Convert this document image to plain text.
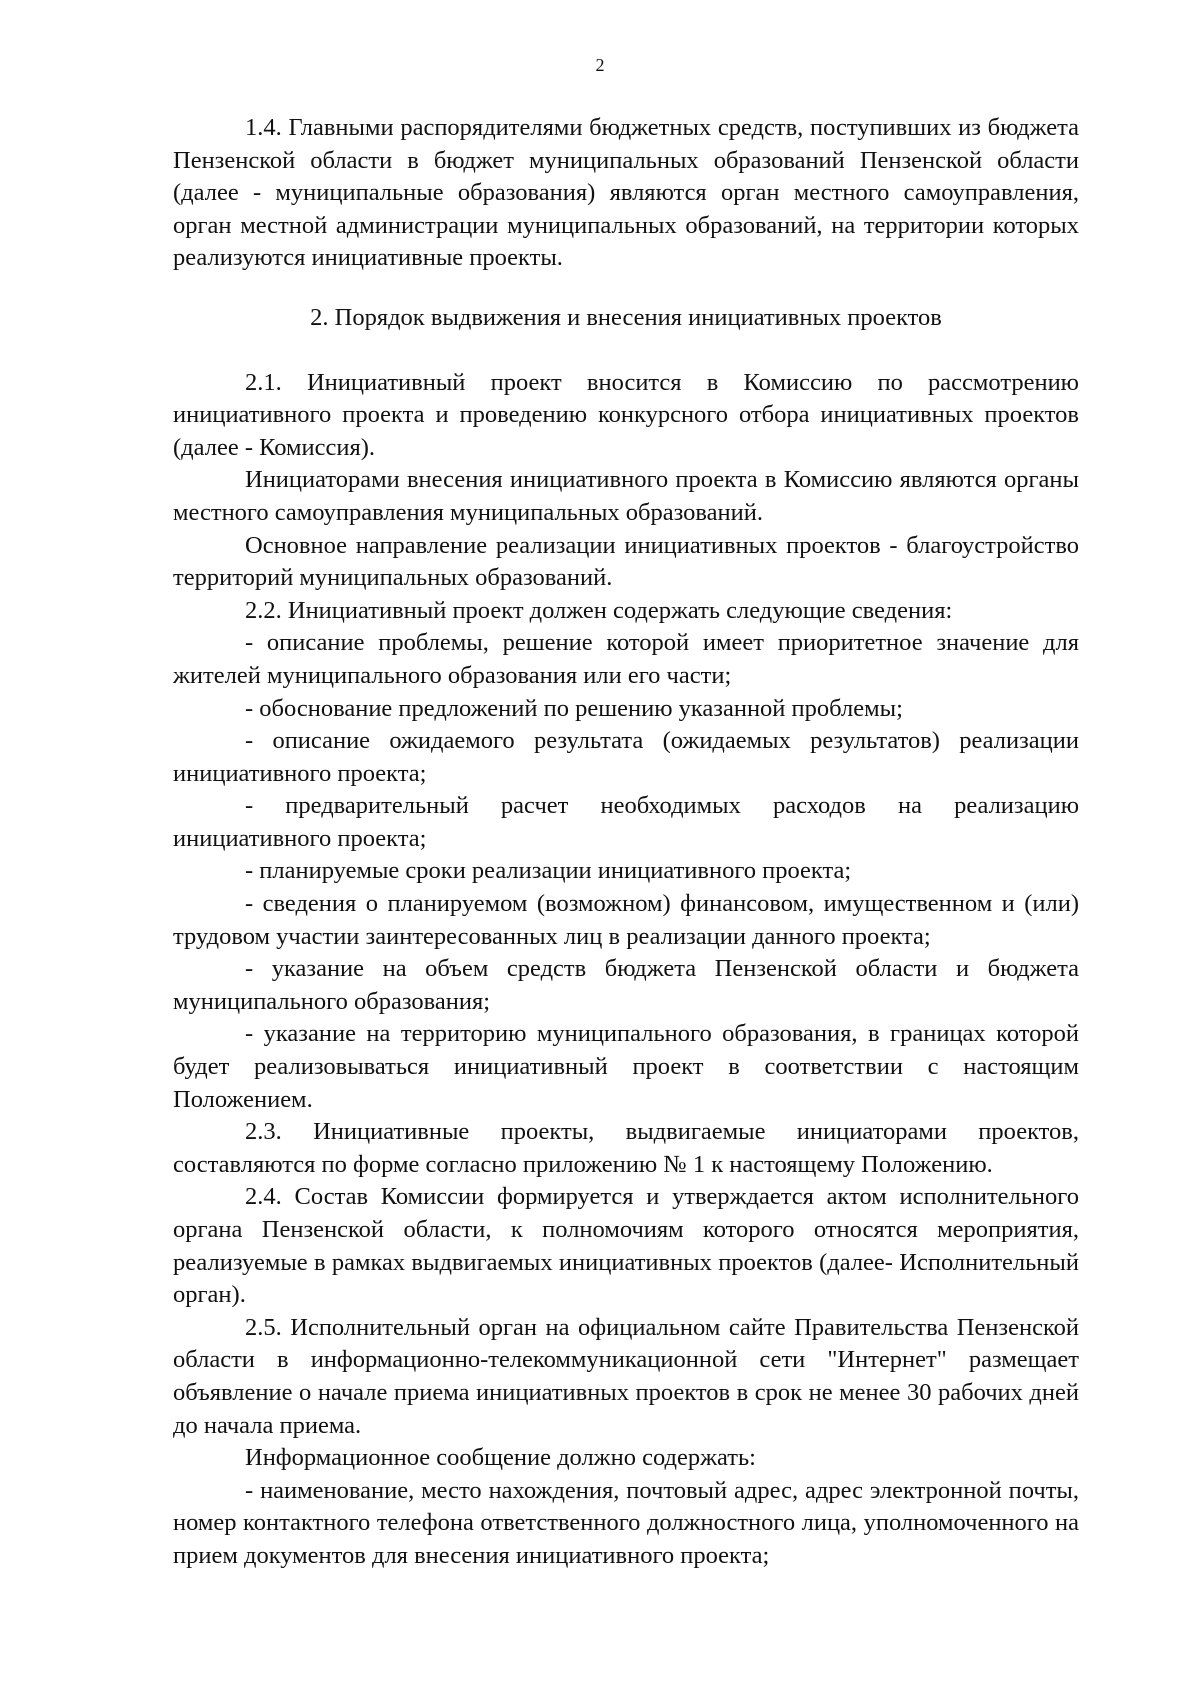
2

1.4. Главными распорядителями бюджетных средств, поступивших из бюджета Пензенской области в бюджет муниципальных образований Пензенской области (далее - муниципальные образования) являются орган местного самоуправления, орган местной администрации муниципальных образований, на территории которых реализуются инициативные проекты.

2. Порядок выдвижения и внесения инициативных проектов

2.1. Инициативный проект вносится в Комиссию по рассмотрению инициативного проекта и проведению конкурсного отбора инициативных проектов (далее - Комиссия).

Инициаторами внесения инициативного проекта в Комиссию являются органы местного самоуправления муниципальных образований.

Основное направление реализации инициативных проектов - благоустройство территорий муниципальных образований.

2.2. Инициативный проект должен содержать следующие сведения:

- описание проблемы, решение которой имеет приоритетное значение для жителей муниципального образования или его части;

- обоснование предложений по решению указанной проблемы;

- описание ожидаемого результата (ожидаемых результатов) реализации инициативного проекта;

- предварительный расчет необходимых расходов на реализацию инициативного проекта;

- планируемые сроки реализации инициативного проекта;

- сведения о планируемом (возможном) финансовом, имущественном и (или) трудовом участии заинтересованных лиц в реализации данного проекта;

- указание на объем средств бюджета Пензенской области и бюджета муниципального образования;

- указание на территорию муниципального образования, в границах которой будет реализовываться инициативный проект в соответствии с настоящим Положением.

2.3. Инициативные проекты, выдвигаемые инициаторами проектов, составляются по форме согласно приложению № 1 к настоящему Положению.

2.4. Состав Комиссии формируется и утверждается актом исполнительного органа Пензенской области, к полномочиям которого относятся мероприятия, реализуемые в рамках выдвигаемых инициативных проектов (далее- Исполнительный орган).

2.5. Исполнительный орган на официальном сайте Правительства Пензенской области в информационно-телекоммуникационной сети "Интернет" размещает объявление о начале приема инициативных проектов в срок не менее 30 рабочих дней до начала приема.

Информационное сообщение должно содержать:

- наименование, место нахождения, почтовый адрес, адрес электронной почты, номер контактного телефона ответственного должностного лица, уполномоченного на прием документов для внесения инициативного проекта;
